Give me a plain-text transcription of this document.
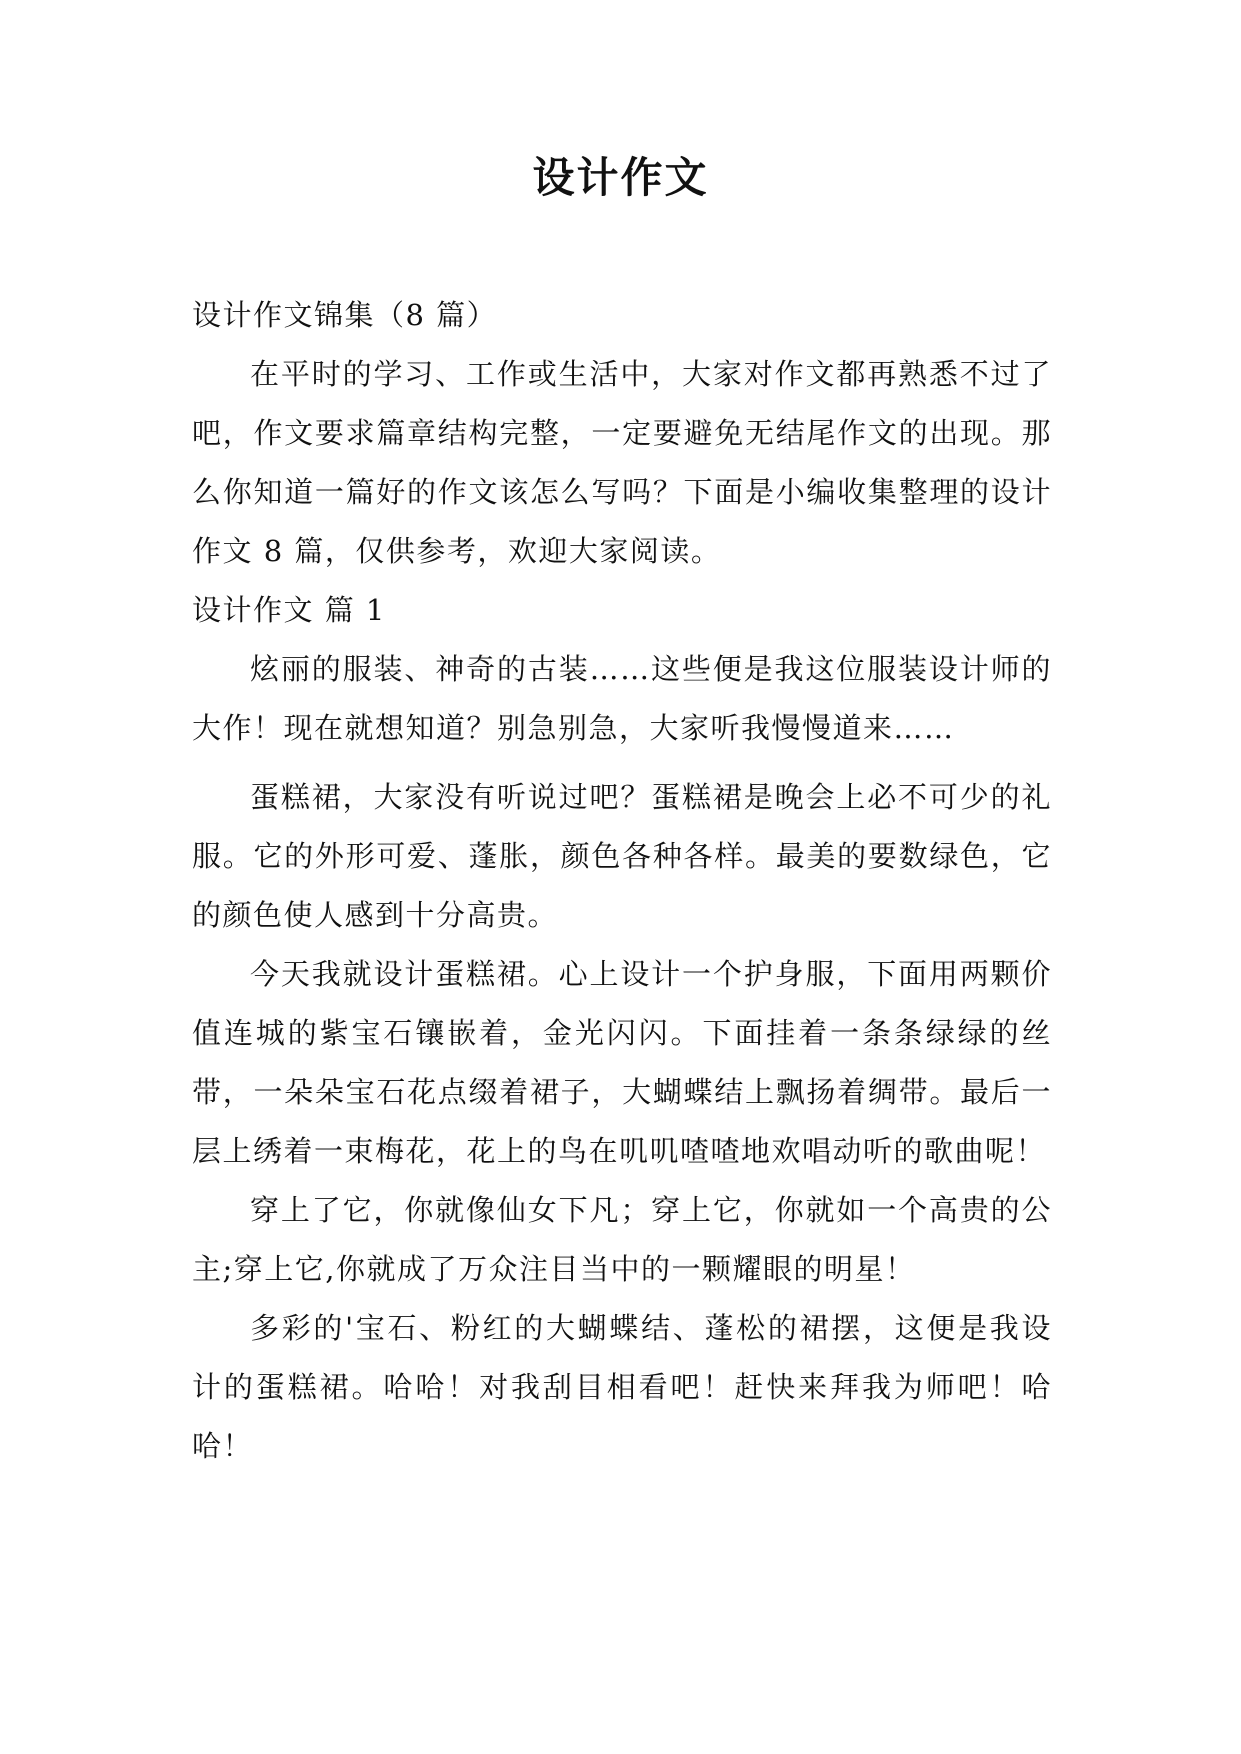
设计作文

设计作文锦集（8 篇）

在平时的学习、工作或生活中，大家对作文都再熟悉不过了吧，作文要求篇章结构完整，一定要避免无结尾作文的出现。那么你知道一篇好的作文该怎么写吗？下面是小编收集整理的设计作文 8 篇，仅供参考，欢迎大家阅读。

设计作文 篇 1

炫丽的服装、神奇的古装……这些便是我这位服装设计师的大作！现在就想知道？别急别急，大家听我慢慢道来……

蛋糕裙，大家没有听说过吧？蛋糕裙是晚会上必不可少的礼服。它的外形可爱、蓬胀，颜色各种各样。最美的要数绿色，它的颜色使人感到十分高贵。

今天我就设计蛋糕裙。心上设计一个护身服，下面用两颗价值连城的紫宝石镶嵌着，金光闪闪。下面挂着一条条绿绿的丝带，一朵朵宝石花点缀着裙子，大蝴蝶结上飘扬着绸带。最后一层上绣着一束梅花，花上的鸟在叽叽喳喳地欢唱动听的歌曲呢！

穿上了它，你就像仙女下凡；穿上它，你就如一个高贵的公主;穿上它,你就成了万众注目当中的一颗耀眼的明星！

多彩的'宝石、粉红的大蝴蝶结、蓬松的裙摆，这便是我设计的蛋糕裙。哈哈！对我刮目相看吧！赶快来拜我为师吧！哈哈！
